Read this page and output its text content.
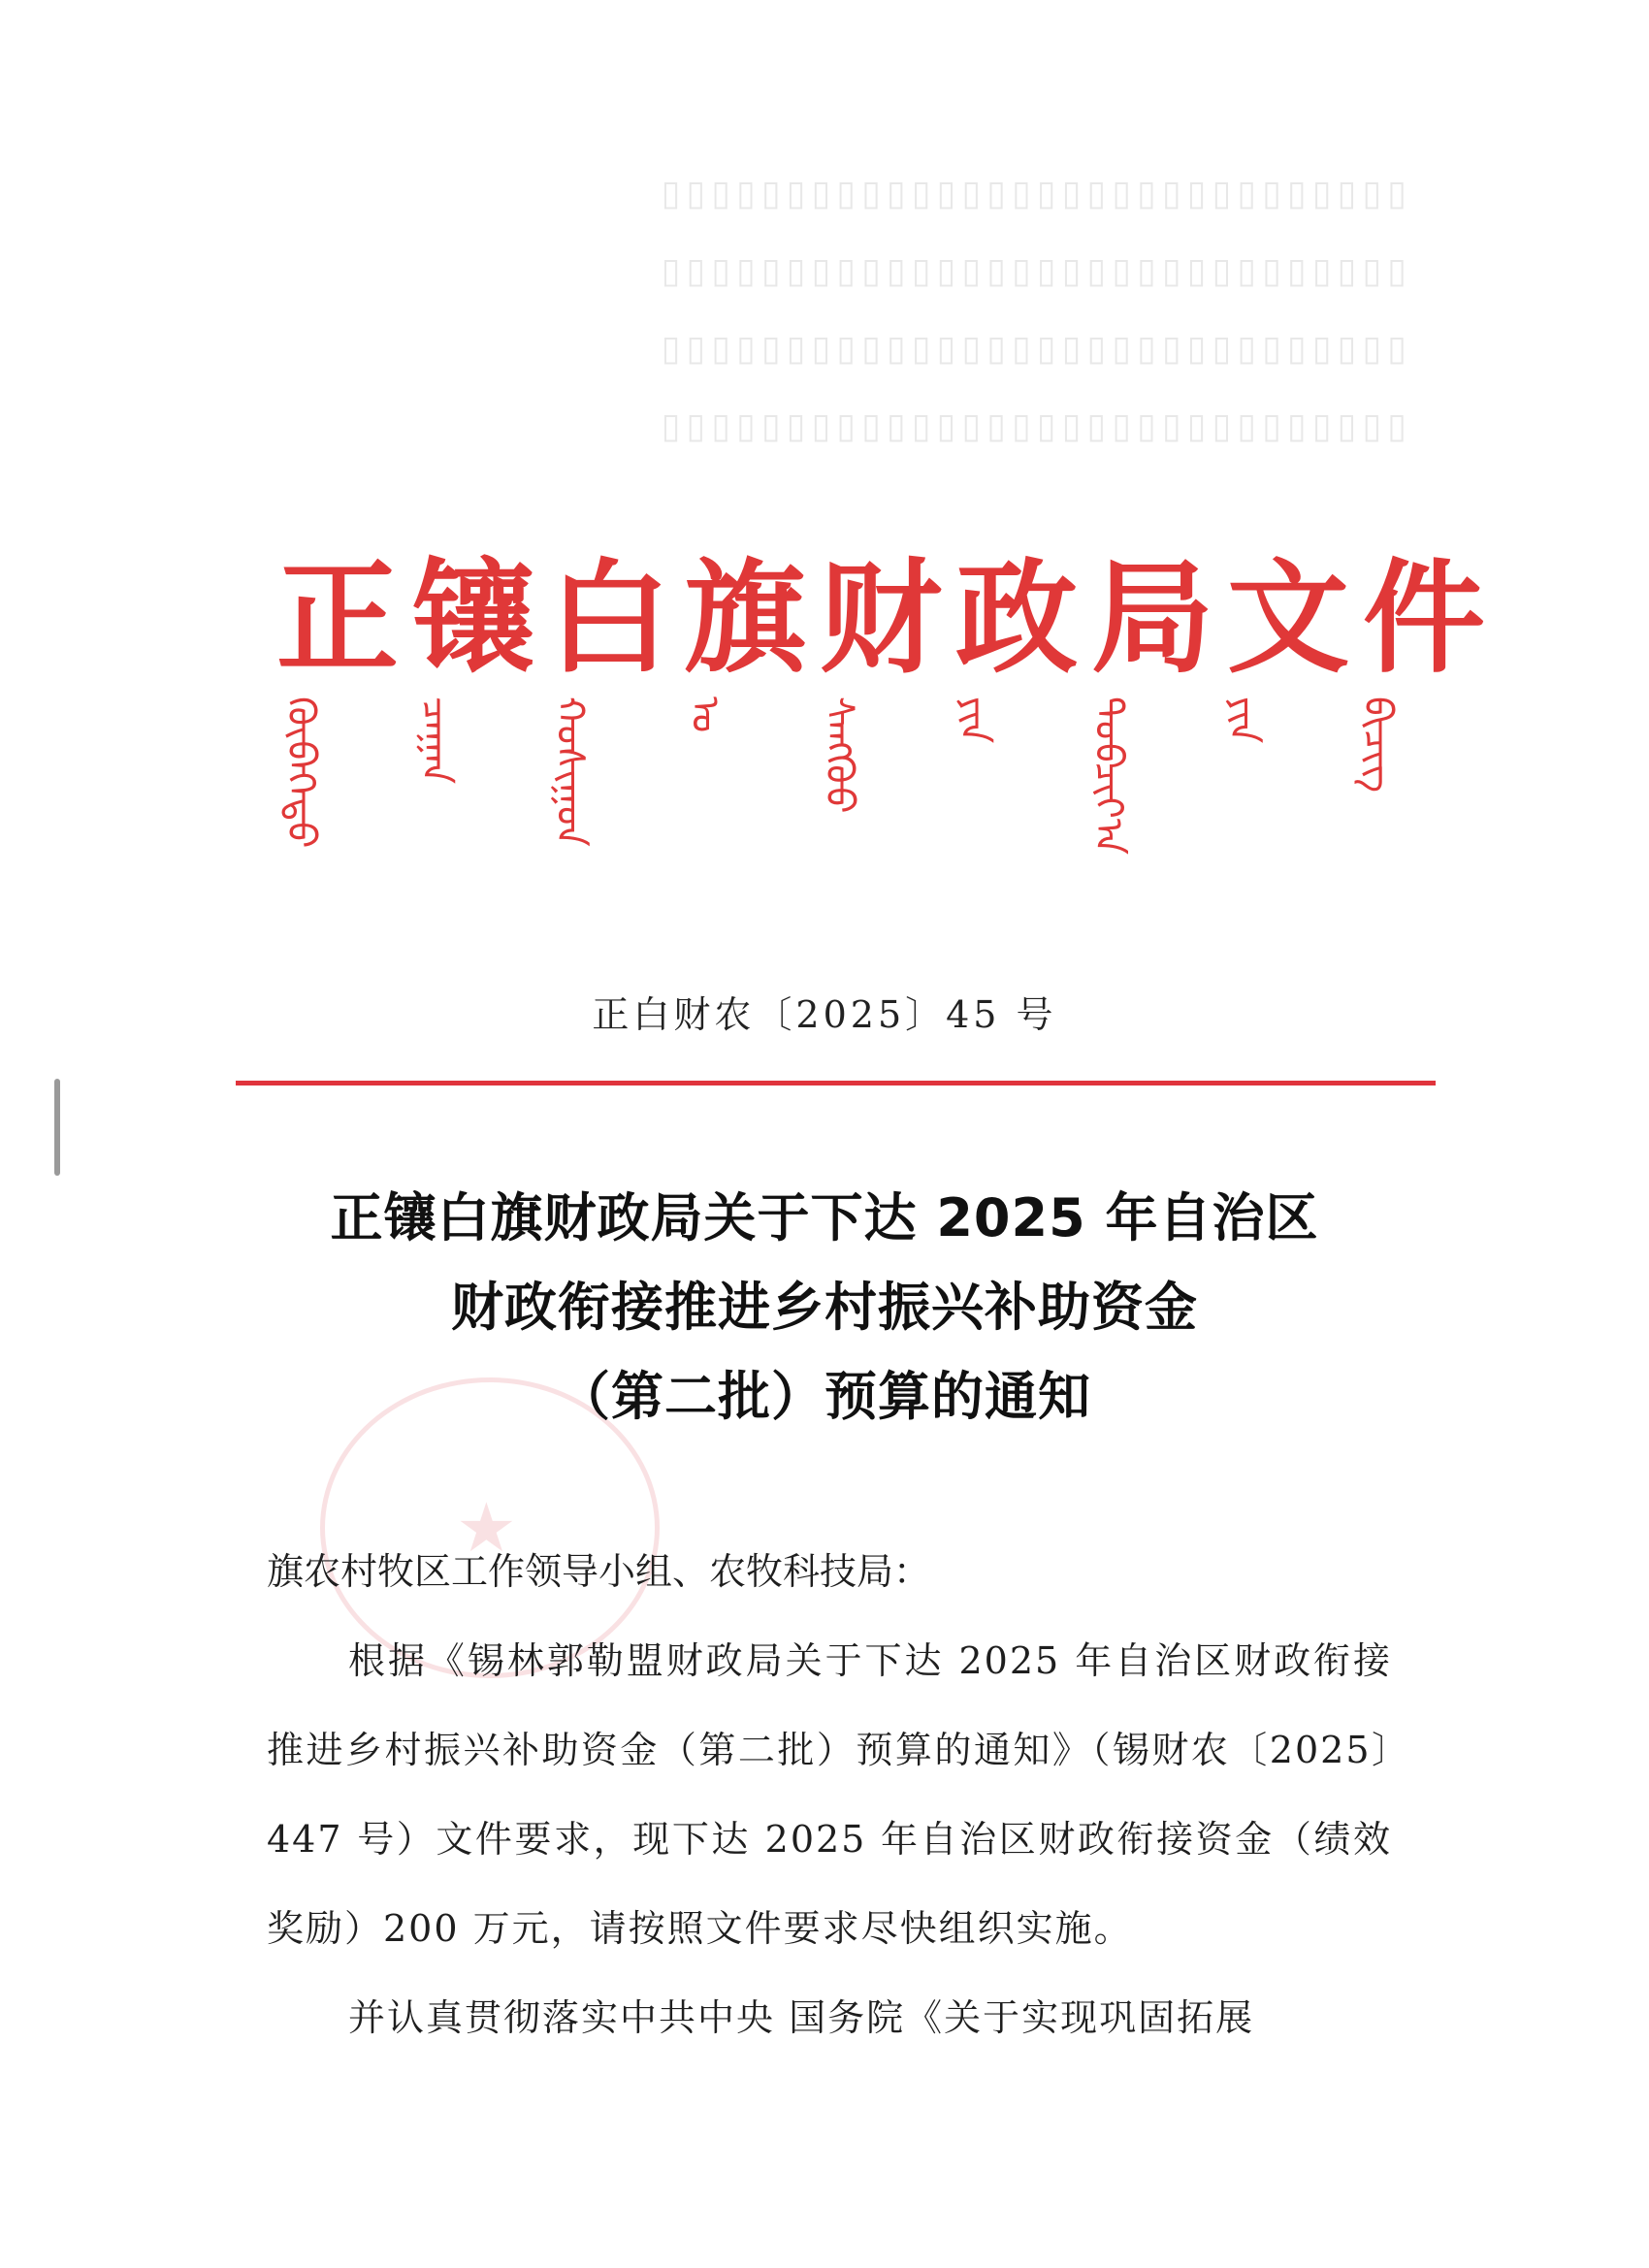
▯▯▯▯▯▯▯▯▯▯▯▯▯▯▯▯▯▯▯▯▯▯▯▯▯▯▯▯▯▯
▯▯▯▯▯▯▯▯▯▯▯▯▯▯▯▯▯▯▯▯▯▯▯▯▯▯▯▯▯▯
▯▯▯▯▯▯▯▯▯▯▯▯▯▯▯▯▯▯▯▯▯▯▯▯▯▯▯▯▯▯
▯▯▯▯▯▯▯▯▯▯▯▯▯▯▯▯▯▯▯▯▯▯▯▯▯▯▯▯▯▯
正镶白旗财政局文件
ᠬᠥᠪᠡᠭᠡᠲᠦ ᠴᠠᠭᠠᠨ ᠬᠣᠰᠢᠭᠤᠨ ᠤ ᠰᠠᠩᠬᠦᠦ ᠶᠢᠨ ᠲᠣᠪᠴᠢᠶ᠎ᠠ ᠶᠢᠨ ᠪᠢᠴᠢᠭ
正白财农〔2025〕45 号
★
正镶白旗财政局关于下达 2025 年自治区
财政衔接推进乡村振兴补助资金
（第二批）预算的通知

旗农村牧区工作领导小组、农牧科技局：

根据《锡林郭勒盟财政局关于下达 2025 年自治区财政衔接推进乡村振兴补助资金（第二批）预算的通知》（锡财农〔2025〕447 号）文件要求，现下达 2025 年自治区财政衔接资金（绩效奖励）200 万元，请按照文件要求尽快组织实施。

并认真贯彻落实中共中央 国务院《关于实现巩固拓展
